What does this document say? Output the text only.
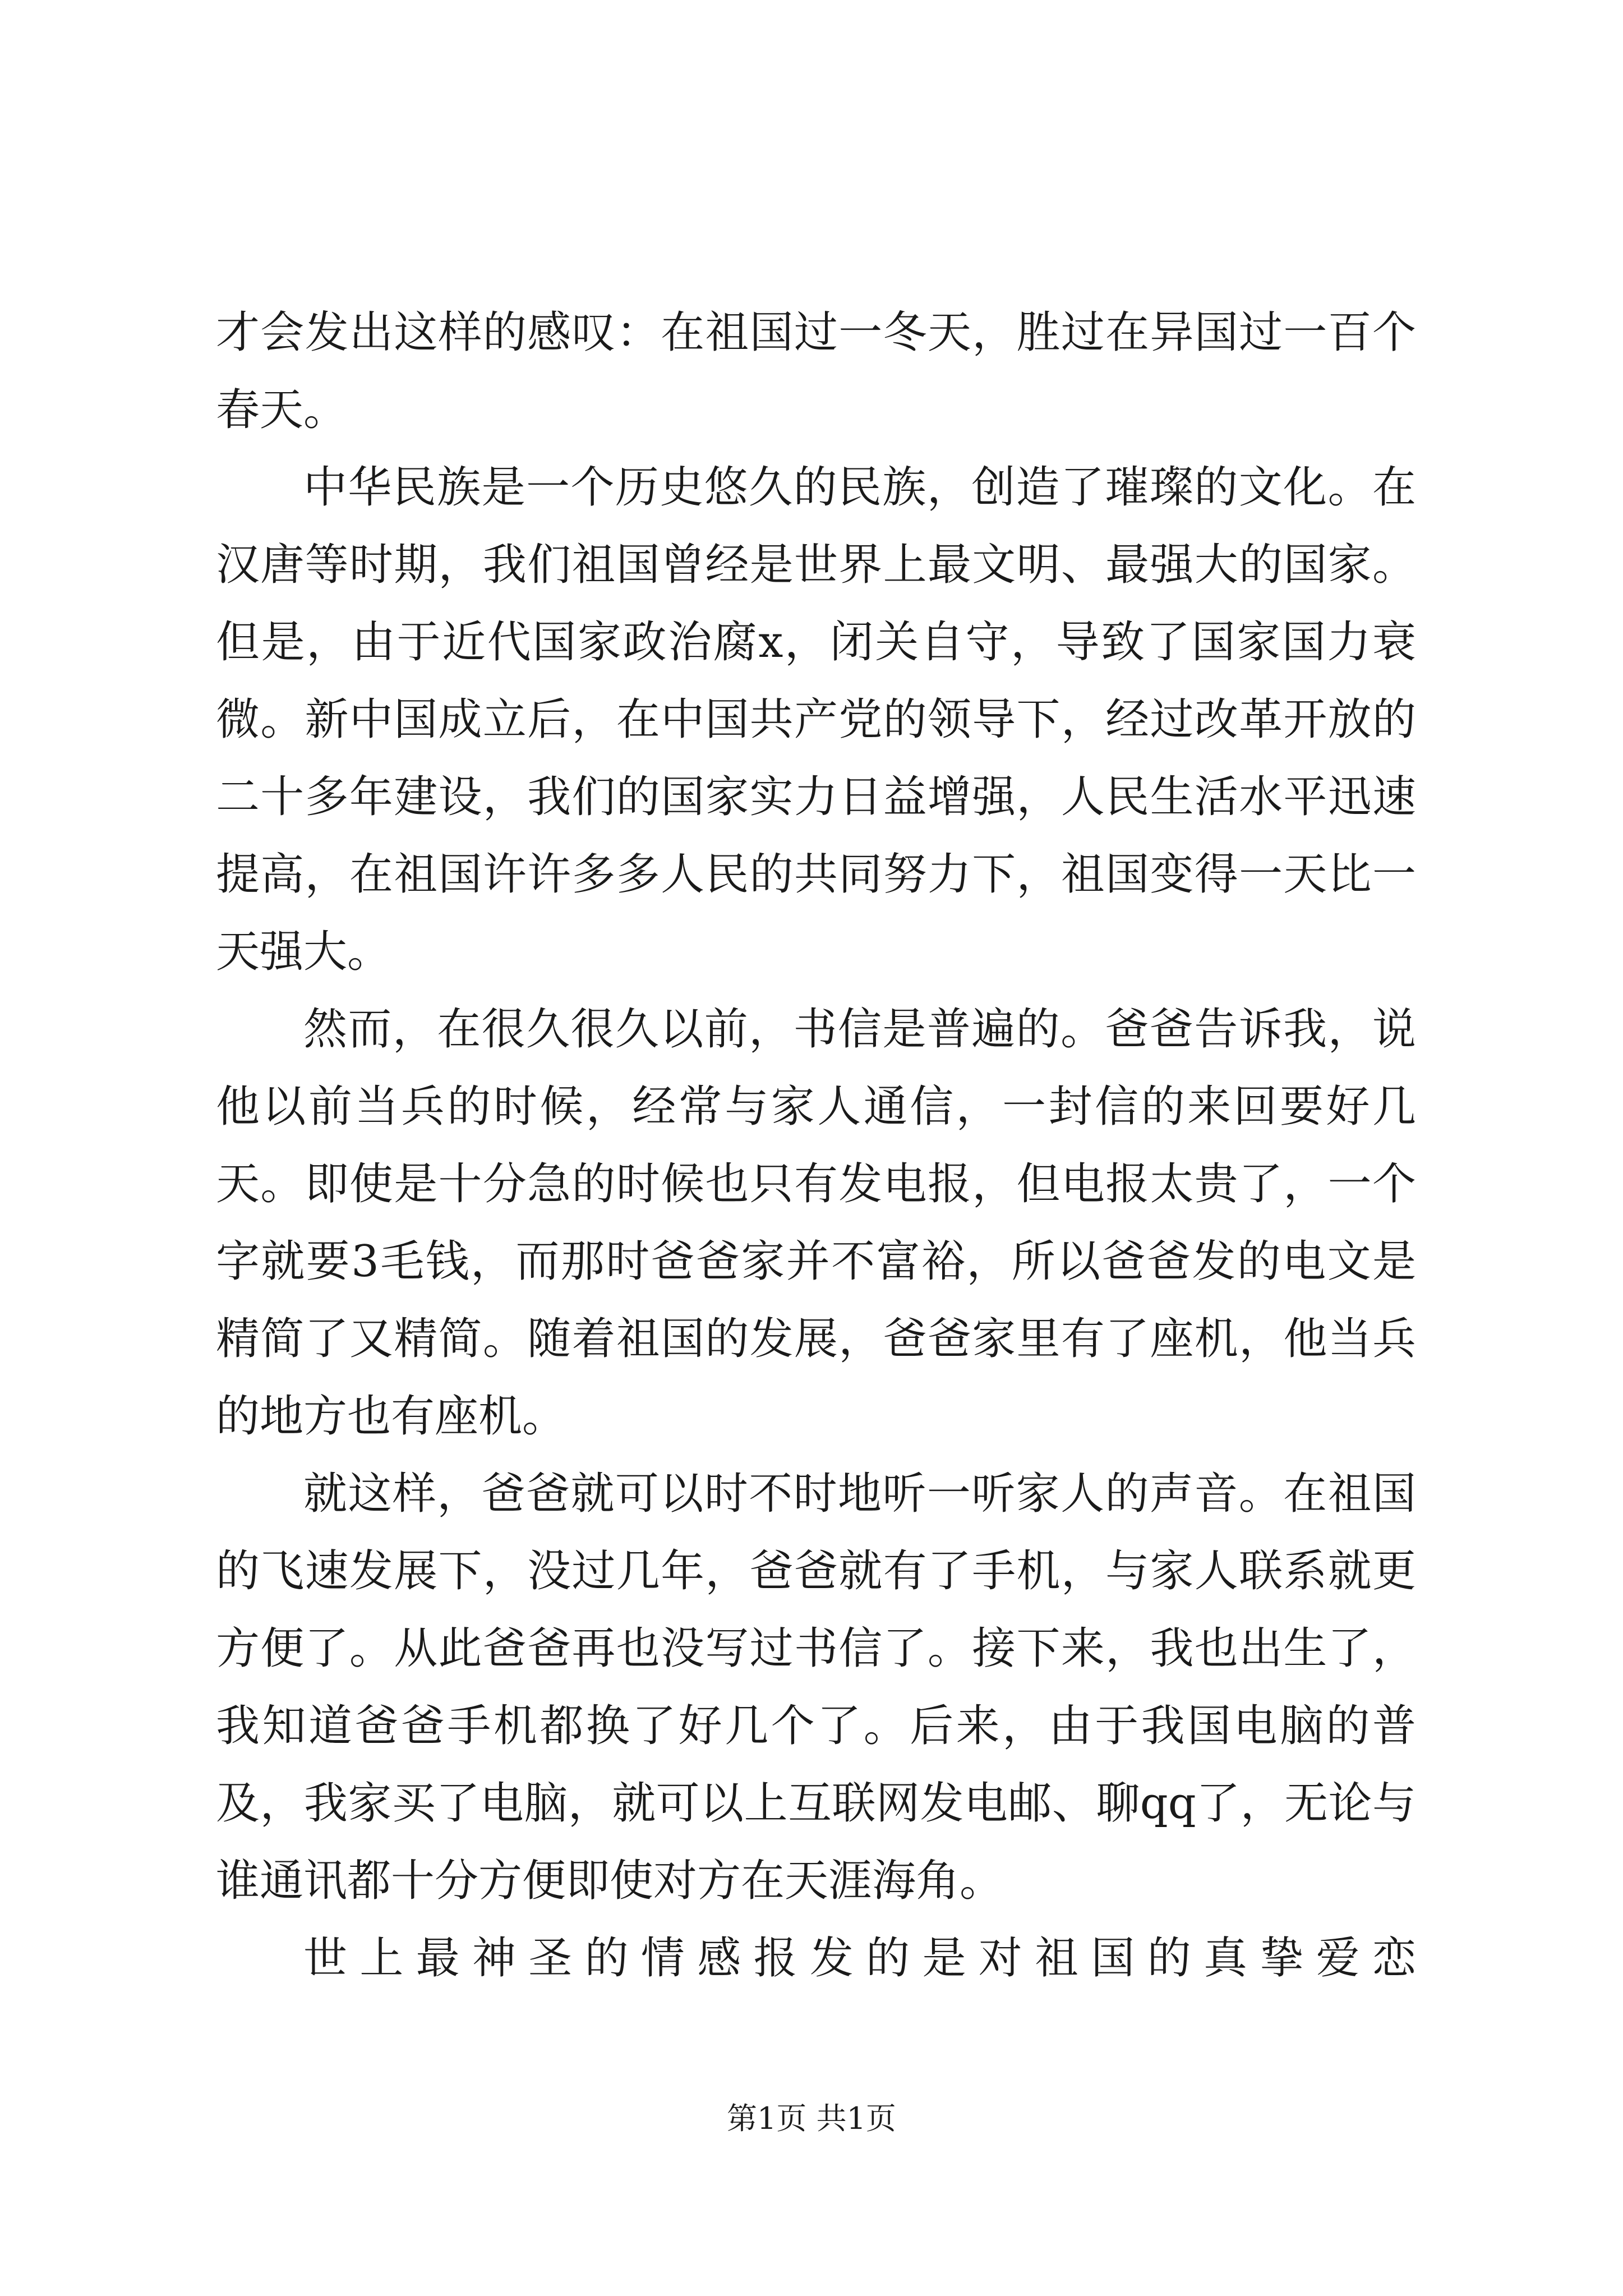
才会发出这样的感叹：在祖国过一冬天，胜过在异国过一百个春天。

中华民族是一个历史悠久的民族，创造了璀璨的文化。在汉唐等时期，我们祖国曾经是世界上最文明、最强大的国家。但是，由于近代国家政治腐x，闭关自守，导致了国家国力衰微。新中国成立后，在中国共产党的领导下，经过改革开放的二十多年建设，我们的国家实力日益增强，人民生活水平迅速提高，在祖国许许多多人民的共同努力下，祖国变得一天比一天强大。

然而，在很久很久以前，书信是普遍的。爸爸告诉我，说他以前当兵的时候，经常与家人通信，一封信的来回要好几天。即使是十分急的时候也只有发电报，但电报太贵了，一个字就要3毛钱，而那时爸爸家并不富裕，所以爸爸发的电文是精简了又精简。随着祖国的发展，爸爸家里有了座机，他当兵的地方也有座机。

就这样，爸爸就可以时不时地听一听家人的声音。在祖国的飞速发展下，没过几年，爸爸就有了手机，与家人联系就更方便了。从此爸爸再也没写过书信了。接下来，我也出生了，我知道爸爸手机都换了好几个了。后来，由于我国电脑的普及，我家买了电脑，就可以上互联网发电邮、聊qq了，无论与谁通讯都十分方便即使对方在天涯海角。

世上最神圣的情感报发的是对祖国的真挚爱恋

第1页 共1页
